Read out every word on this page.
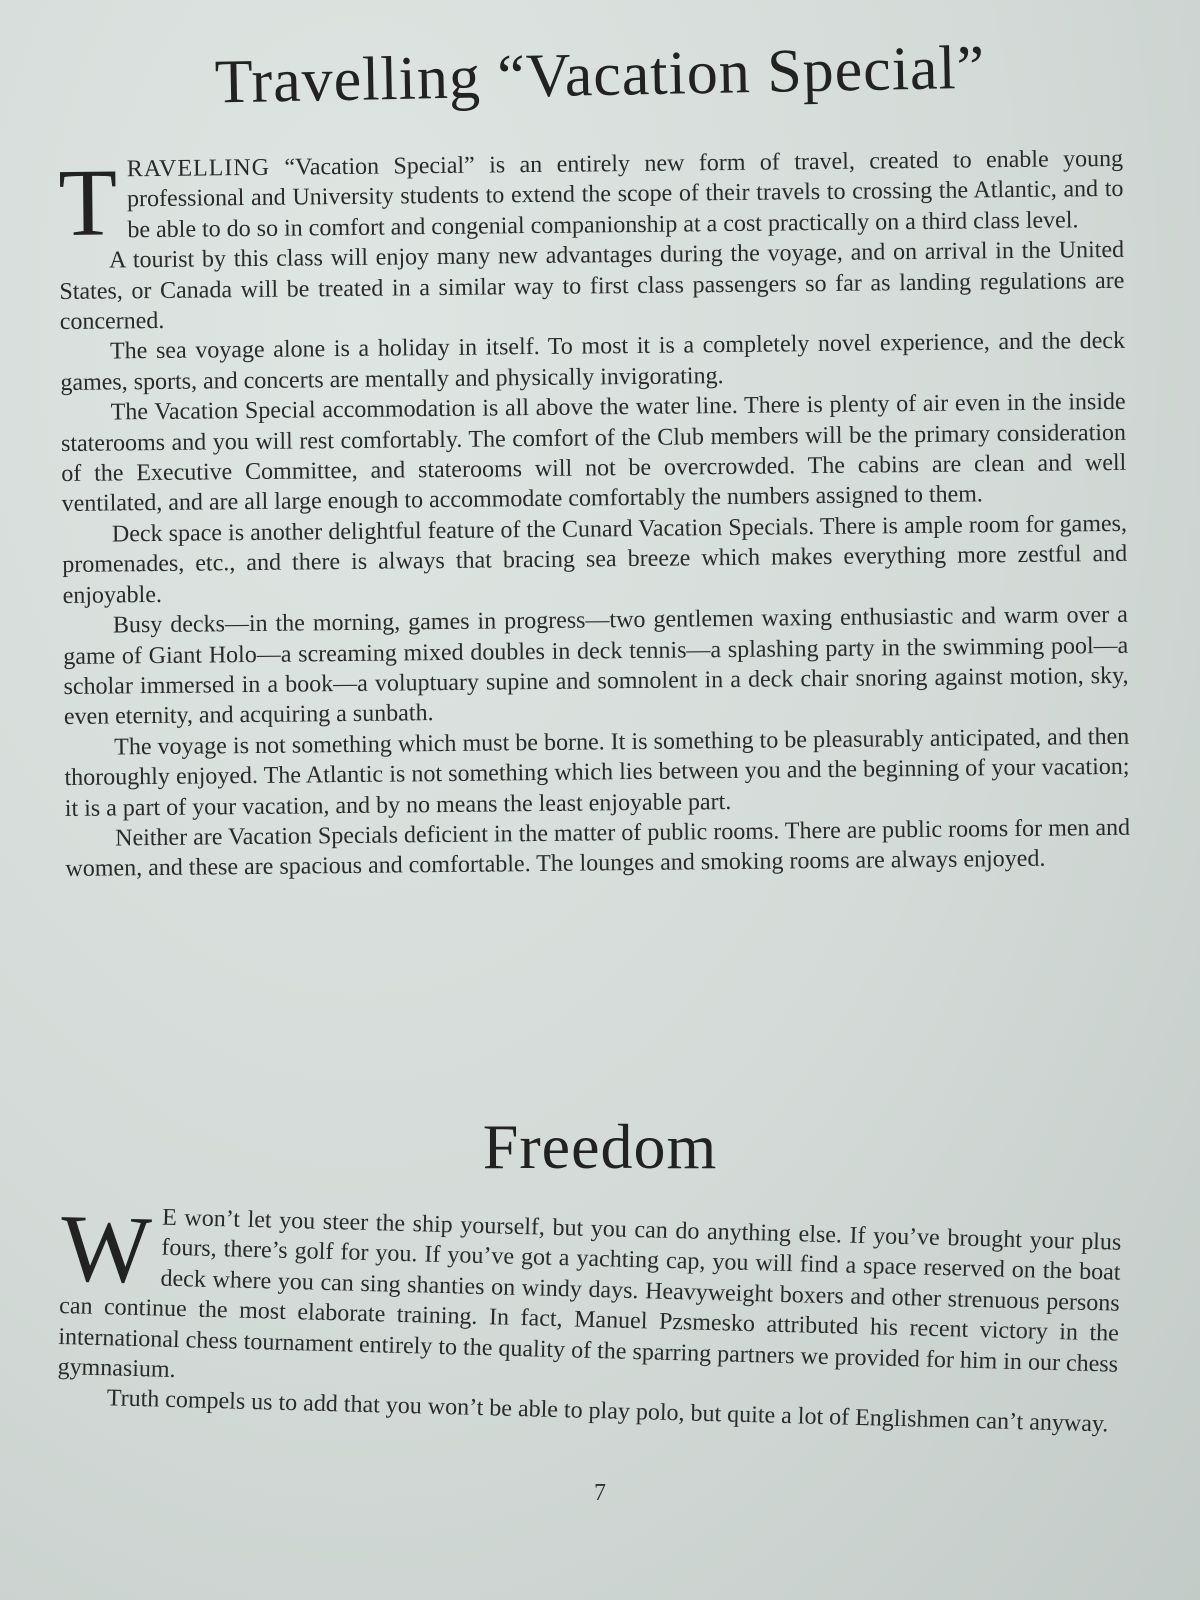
Travelling “Vacation Special”

TRAVELLING “Vacation Special” is an entirely new form of travel, created to enable young professional and University students to extend the scope of their travels to crossing the Atlantic, and to be able to do so in comfort and congenial companionship at a cost practically on a third class level.

A tourist by this class will enjoy many new advantages during the voyage, and on arrival in the United States, or Canada will be treated in a similar way to first class passengers so far as landing regulations are concerned.

The sea voyage alone is a holiday in itself. To most it is a completely novel experience, and the deck games, sports, and concerts are mentally and physically invigorating.

The Vacation Special accommodation is all above the water line. There is plenty of air even in the inside staterooms and you will rest comfortably. The comfort of the Club members will be the primary consideration of the Executive Committee, and staterooms will not be overcrowded. The cabins are clean and well ventilated, and are all large enough to accommodate comfortably the numbers assigned to them.

Deck space is another delightful feature of the Cunard Vacation Specials. There is ample room for games, promenades, etc., and there is always that bracing sea breeze which makes everything more zestful and enjoyable.

Busy decks—in the morning, games in progress—two gentlemen waxing enthusiastic and warm over a game of Giant Holo—a screaming mixed doubles in deck tennis—a splashing party in the swimming pool—a scholar immersed in a book—a voluptuary supine and somnolent in a deck chair snoring against motion, sky, even eternity, and acquiring a sunbath.

The voyage is not something which must be borne. It is something to be pleasurably anticipated, and then thoroughly enjoyed. The Atlantic is not something which lies between you and the beginning of your vacation; it is a part of your vacation, and by no means the least enjoyable part.

Neither are Vacation Specials deficient in the matter of public rooms. There are public rooms for men and women, and these are spacious and comfortable. The lounges and smoking rooms are always enjoyed.

Freedom

W E won’t let you steer the ship yourself, but you can do anything else. If you’ve brought your plus fours, there’s golf for you. If you’ve got a yachting cap, you will find a space reserved on the boat deck where you can sing shanties on windy days. Heavyweight boxers and other strenuous persons can continue the most elaborate training. In fact, Manuel Pzsmesko attributed his recent victory in the international chess tournament entirely to the quality of the sparring partners we provided for him in our chess gymnasium.

Truth compels us to add that you won’t be able to play polo, but quite a lot of Englishmen can’t anyway.

7
